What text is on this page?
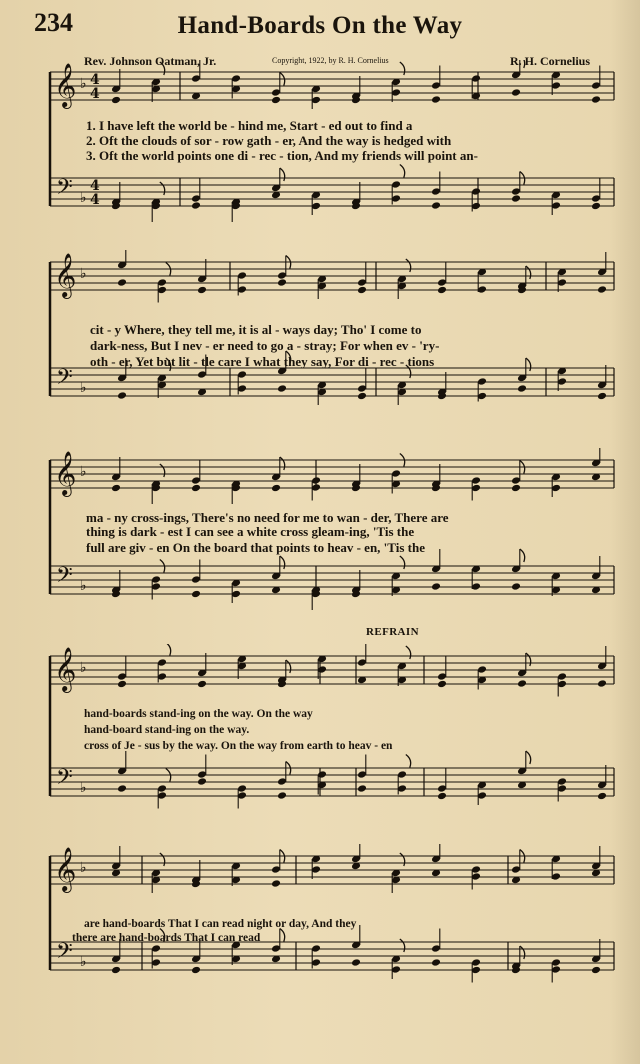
234	Hand-Boards On the Way
Rev. Johnson Oatman, Jr.	Copyright, 1922, by R. H. Cornelius	R. H. Cornelius
𝄞
𝄢
♭
♭
4
4
4
4
1. I have left the world be - hind me, Start - ed out to find a
2. Oft the clouds of sor - row gath - er, And the way is hedged with
3. Oft the world points one di - rec - tion, And my friends will point an-
𝄞
𝄢
♭
♭
cit - y Where, they tell me, it is al - ways day; Tho' I come to
dark-ness, But I nev - er need to go a - stray; For when ev - 'ry-
oth - er, Yet but lit - tle care I what they say, For di - rec - tions
𝄞
𝄢
♭
♭
ma - ny cross-ings, There's no need for me to wan - der, There are
thing is dark - est I can see a white cross gleam-ing, 'Tis the
full are giv - en On the board that points to heav - en, 'Tis the
REFRAIN
𝄞
𝄢
♭
♭
hand-boards stand-ing on the way. On the way
hand-board stand-ing on the way.
cross of Je - sus by the way. On the way from earth to heav - en
𝄞
𝄢
♭
♭
are hand-boards That I can read night or day, And they
there are hand-boards That I can read
